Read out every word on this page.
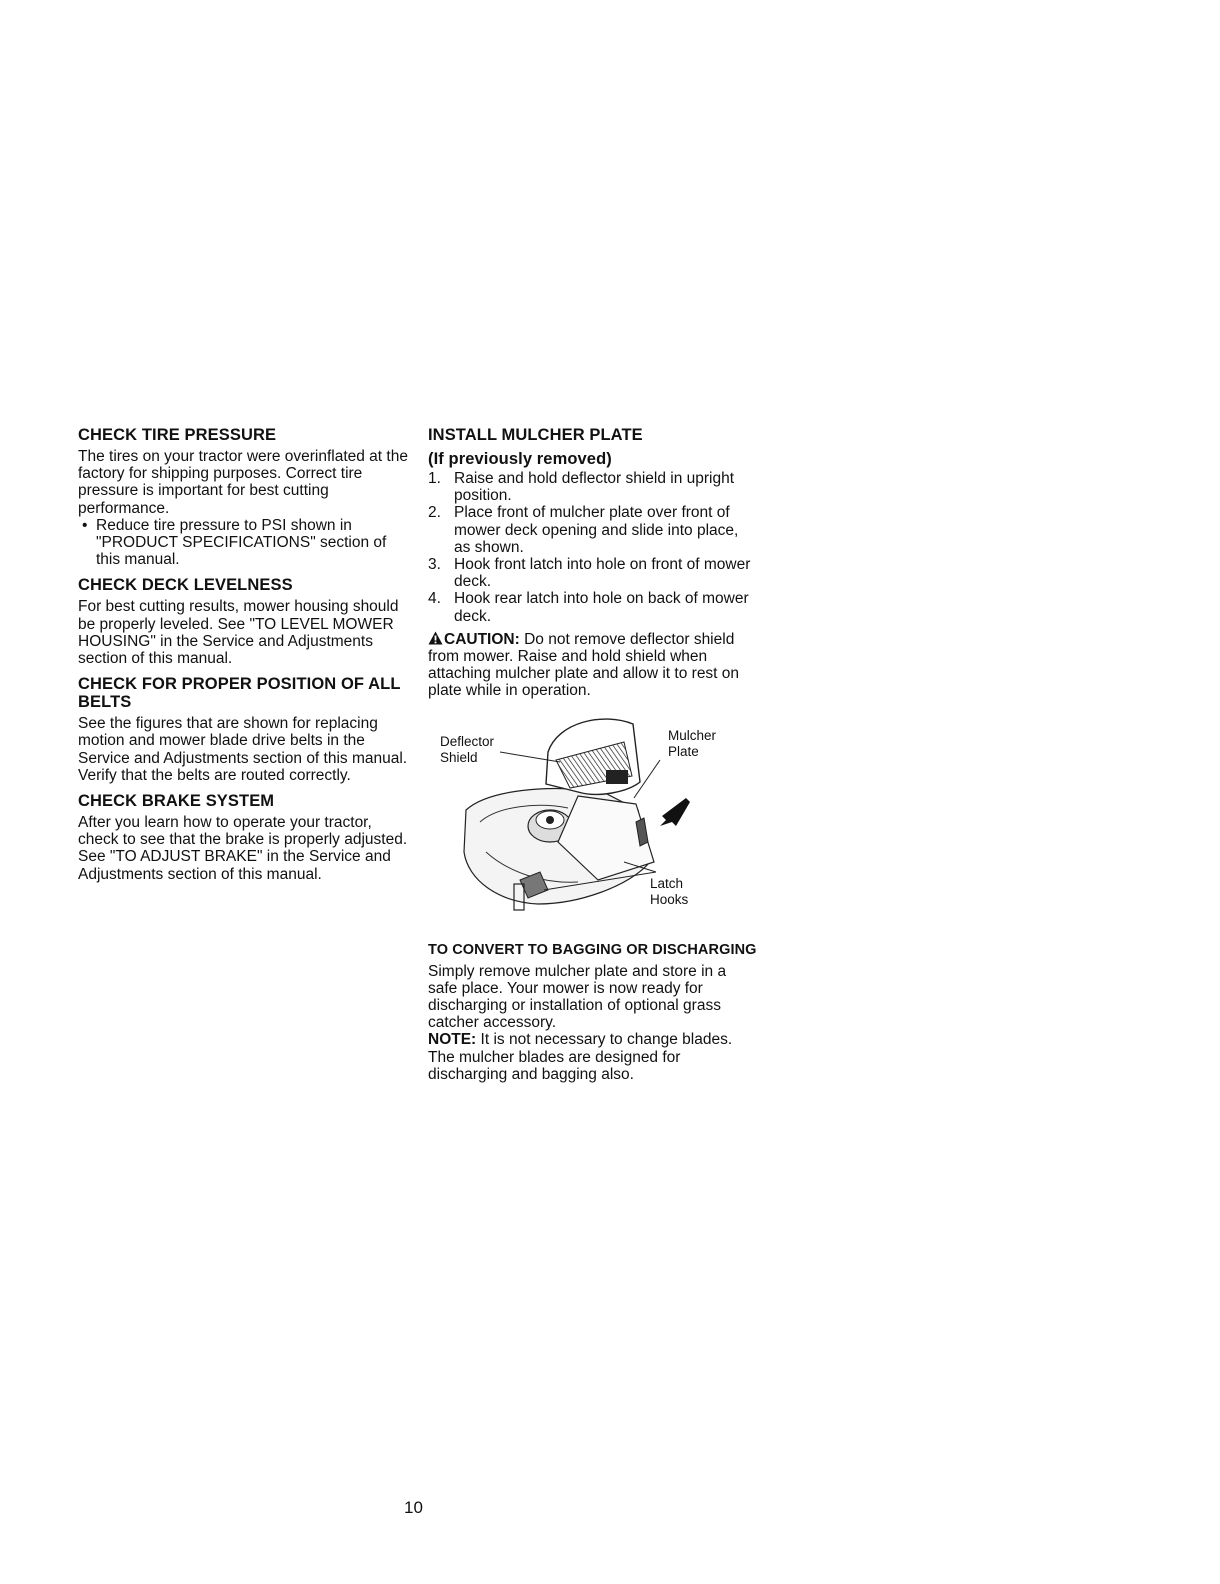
CHECK TIRE PRESSURE

The tires on your tractor were overinflated at the factory for shipping purposes. Correct tire pressure is important for best cutting performance.

• Reduce tire pressure to PSI shown in "PRODUCT SPECIFICATIONS" section of this manual.
CHECK DECK LEVELNESS

For best cutting results, mower housing should be properly leveled. See "TO LEVEL MOWER HOUSING" in the Service and Adjustments section of this manual.

CHECK FOR PROPER POSITION OF ALL BELTS

See the figures that are shown for replacing motion and mower blade drive belts in the Service and Adjustments section of this manual. Verify that the belts are routed correctly.

CHECK BRAKE SYSTEM

After you learn how to operate your tractor, check to see that the brake is properly adjusted. See "TO ADJUST BRAKE" in the Service and Adjustments section of this manual.

INSTALL MULCHER PLATE
(If previously removed)
1. Raise and hold deflector shield in upright position.
2. Place front of mulcher plate over front of mower deck opening and slide into place, as shown.
3. Hook front latch into hole on front of mower deck.
4. Hook rear latch into hole on back of mower deck.

CAUTION: Do not remove deflector shield from mower. Raise and hold shield when attaching mulcher plate and allow it to rest on plate while in operation.

Deflector
Shield
Mulcher
Plate
Latch
Hooks
TO CONVERT TO BAGGING OR DISCHARGING

Simply remove mulcher plate and store in a safe place. Your mower is now ready for discharging or installation of optional grass catcher accessory.

NOTE: It is not necessary to change blades. The mulcher blades are designed for discharging and bagging also.

10
